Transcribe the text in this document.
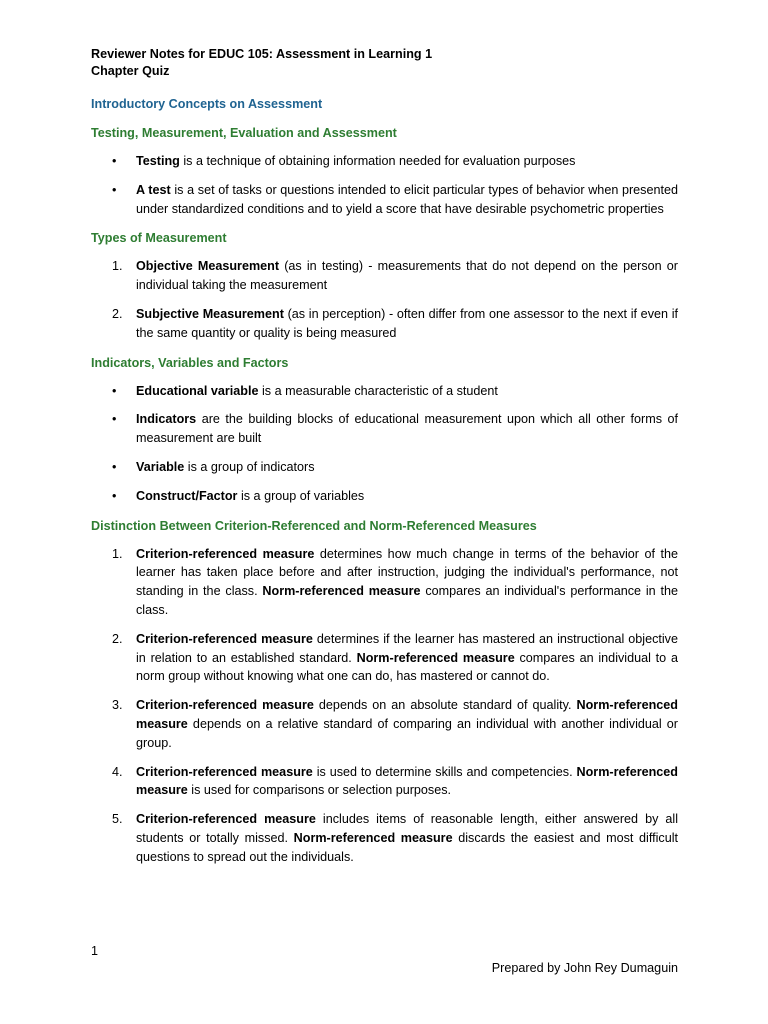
Reviewer Notes for EDUC 105: Assessment in Learning 1

Chapter Quiz

Introductory Concepts on Assessment

Testing, Measurement, Evaluation and Assessment

• Testing is a technique of obtaining information needed for evaluation purposes
• A test is a set of tasks or questions intended to elicit particular types of behavior when presented under standardized conditions and to yield a score that have desirable psychometric properties

Types of Measurement

1. Objective Measurement (as in testing) - measurements that do not depend on the person or individual taking the measurement
2. Subjective Measurement (as in perception) - often differ from one assessor to the next if even if the same quantity or quality is being measured

Indicators, Variables and Factors

• Educational variable is a measurable characteristic of a student
• Indicators are the building blocks of educational measurement upon which all other forms of measurement are built
• Variable is a group of indicators
• Construct/Factor is a group of variables

Distinction Between Criterion-Referenced and Norm-Referenced Measures

1. Criterion-referenced measure determines how much change in terms of the behavior of the learner has taken place before and after instruction, judging the individual's performance, not standing in the class. Norm-referenced measure compares an individual's performance in the class.
2. Criterion-referenced measure determines if the learner has mastered an instructional objective in relation to an established standard. Norm-referenced measure compares an individual to a norm group without knowing what one can do, has mastered or cannot do.
3. Criterion-referenced measure depends on an absolute standard of quality. Norm-referenced measure depends on a relative standard of comparing an individual with another individual or group.
4. Criterion-referenced measure is used to determine skills and competencies. Norm-referenced measure is used for comparisons or selection purposes.
5. Criterion-referenced measure includes items of reasonable length, either answered by all students or totally missed. Norm-referenced measure discards the easiest and most difficult questions to spread out the individuals.
1
Prepared by John Rey Dumaguin
